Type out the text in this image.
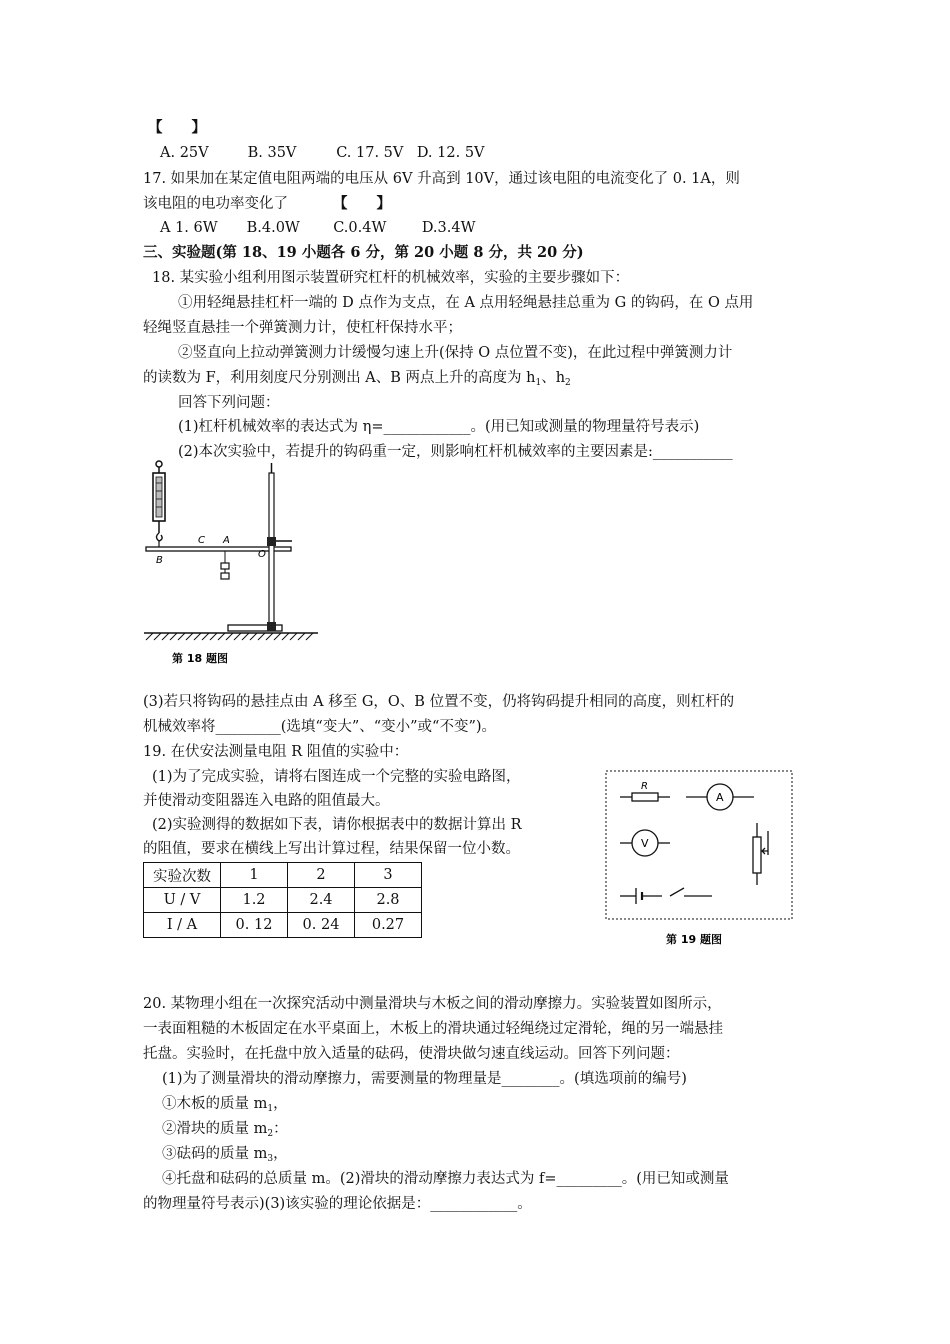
【　　】
A. 25V	B. 35V	C. 17. 5V D. 12. 5V
17. 如果加在某定值电阻两端的电压从 6V 升高到 10V，通过该电阻的电流变化了 0. 1A，则
该电阻的电功率变化了	【　　】
A 1. 6W B.4.0W C.0.4W D.3.4W
三、实验题(第 18、19 小题各 6 分，第 20 小题 8 分，共 20 分)
18. 某实验小组利用图示装置研究杠杆的机械效率，实验的主要步骤如下：
①用轻绳悬挂杠杆一端的 D 点作为支点，在 A 点用轻绳悬挂总重为 G 的钩码，在 O 点用
轻绳竖直悬挂一个弹簧测力计，使杠杆保持水平；
②竖直向上拉动弹簧测力计缓慢匀速上升(保持 O 点位置不变)，在此过程中弹簧测力计
的读数为 F，利用刻度尺分别测出 A、B 两点上升的高度为 $h_1$、$h_2$
回答下列问题：
(1)杠杆机械效率的表达式为 η=____________。(用已知或测量的物理量符号表示)
(2)本次实验中，若提升的钩码重一定，则影响杠杆机械效率的主要因素是:___________
B
C A
O
第 18 题图
(3)若只将钩码的悬挂点由 A 移至 G，O、B 位置不变，仍将钩码提升相同的高度，则杠杆的
机械效率将_________(选填“变大”、“变小”或“不变”)。
19. 在伏安法测量电阻 R 阻值的实验中：
(1)为了完成实验，请将右图连成一个完整的实验电路图，
并使滑动变阻器连入电路的阻值最大。
(2)实验测得的数据如下表，请你根据表中的数据计算出 R
的阻值，要求在横线上写出计算过程，结果保留一位小数。
实验次数	1	2	3
U / V	1.2	2.4	2.8
I / A	0. 12	0. 24	0.27
R
A
V
第 19 题图
20. 某物理小组在一次探究活动中测量滑块与木板之间的滑动摩擦力。实验装置如图所示，
一表面粗糙的木板固定在水平桌面上，木板上的滑块通过轻绳绕过定滑轮，绳的另一端悬挂
托盘。实验时，在托盘中放入适量的砝码，使滑块做匀速直线运动。回答下列问题：
(1)为了测量滑块的滑动摩擦力，需要测量的物理量是________。(填选项前的编号)
①木板的质量 $m_1$，
②滑块的质量 $m_2$：
③砝码的质量 $m_3$，
④托盘和砝码的总质量 m。(2)滑块的滑动摩擦力表达式为 f=_________。(用已知或测量
的物理量符号表示)(3)该实验的理论依据是：____________。
